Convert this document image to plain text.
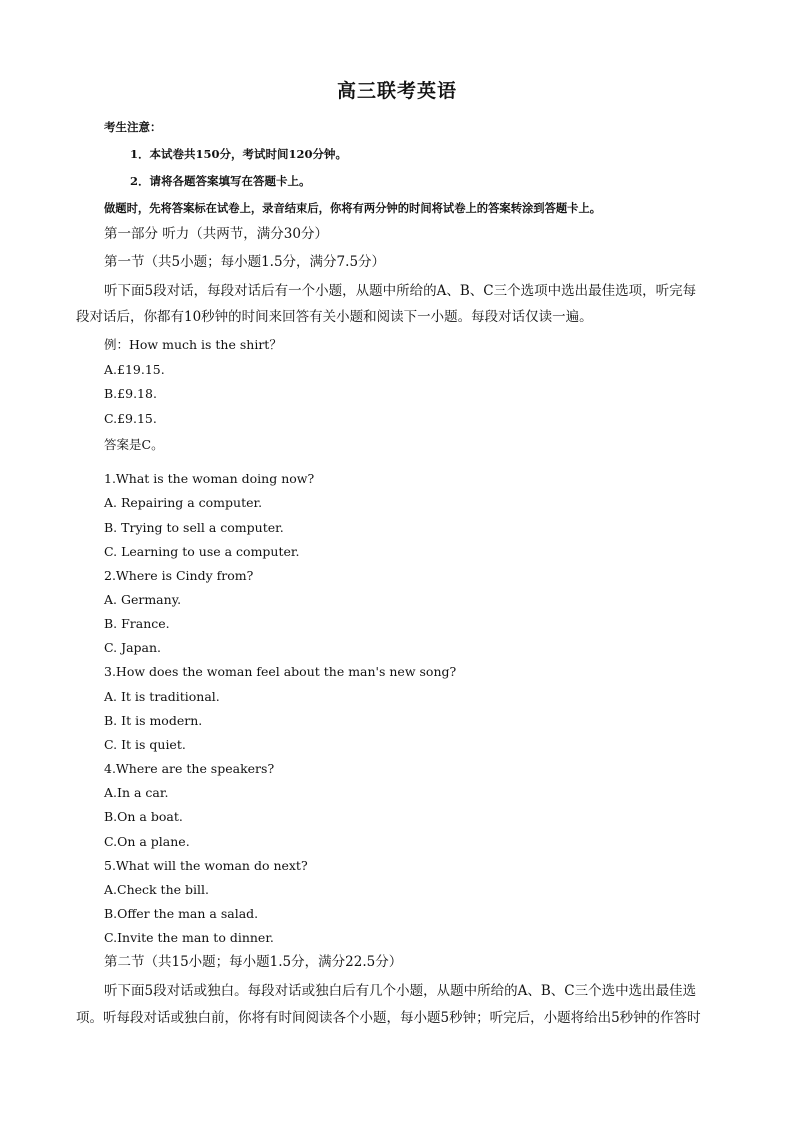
高三联考英语
考生注意：
1．本试卷共150分，考试时间120分钟。
2．请将各题答案填写在答题卡上。
做题时，先将答案标在试卷上，录音结束后，你将有两分钟的时间将试卷上的答案转涂到答题卡上。
第一部分 听力（共两节，满分30分）
第一节（共5小题；每小题1.5分，满分7.5分）
听下面5段对话，每段对话后有一个小题，从题中所给的A、B、C三个选项中选出最佳选项，听完每
段对话后，你都有10秒钟的时间来回答有关小题和阅读下一小题。每段对话仅读一遍。
例：How much is the shirt？
A.£19.15.
B.£9.18.
C.£9.15.
答案是C。
1.What is the woman doing now?
A. Repairing a computer.
B. Trying to sell a computer.
C. Learning to use a computer.
2.Where is Cindy from?
A. Germany.
B. France.
C. Japan.
3.How does the woman feel about the man's new song?
A. It is traditional.
B. It is modern.
C. It is quiet.
4.Where are the speakers?
A.In a car.
B.On a boat.
C.On a plane.
5.What will the woman do next?
A.Check the bill.
B.Offer the man a salad.
C.Invite the man to dinner.
第二节（共15小题；每小题1.5分，满分22.5分）
听下面5段对话或独白。每段对话或独白后有几个小题，从题中所给的A、B、C三个选中选出最佳选
项。听每段对话或独白前，你将有时间阅读各个小题，每小题5秒钟；听完后，小题将给出5秒钟的作答时
